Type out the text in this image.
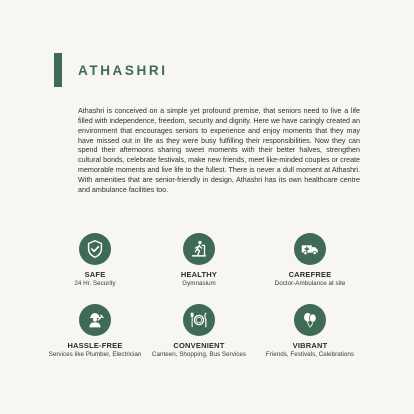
ATHASHRI

Athashri is conceived on a simple yet profound premise, that seniors need to live a life filled with independence, freedom, security and dignity. Here we have caringly created an environment that encourages seniors to experience and enjoy moments that they may have missed out in life as they were busy fulfilling their responsibilities. Now they can spend their afternoons sharing sweet moments with their better halves, strengthen cultural bonds, celebrate festivals, make new friends, meet like-minded couples or create memorable moments and live life to the fullest. There is never a dull moment at Athashri. With amenities that are senior-friendly in design, Athashri has its own healthcare centre and ambulance facilities too.

SAFE
24 Hr. Security
HEALTHY
Gymnasium
CAREFREE
Doctor-Ambulance at site
HASSLE-FREE
Services like Plumber, Electrician
CONVENIENT
Canteen, Shopping, Bus Services
VIBRANT
Friends, Festivals, Celebrations
